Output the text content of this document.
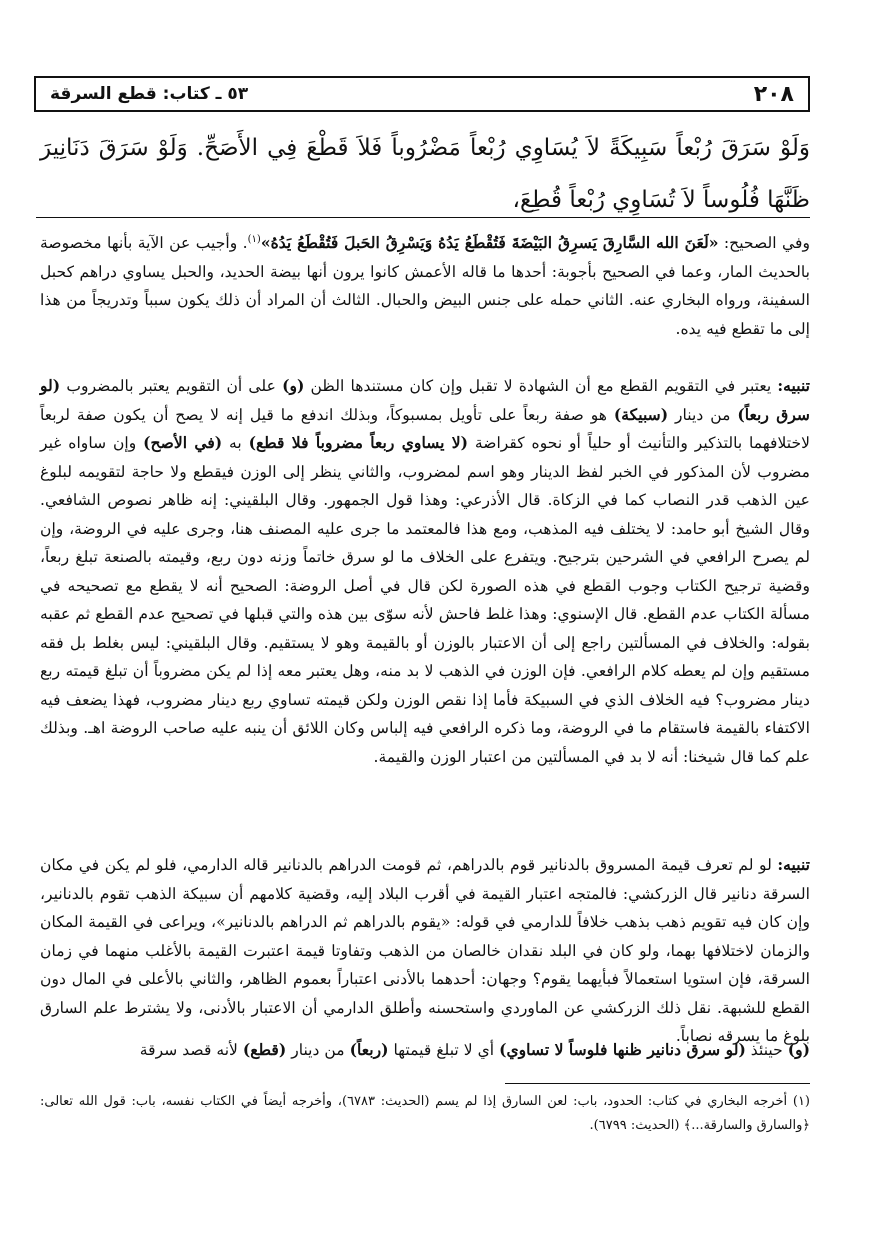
٢٠٨
٥٣ ـ كتاب: قطع السرقة
وَلَوْ سَرَقَ رُبْعاً سَبِيكَةً لاَ يُسَاوِي رُبْعاً مَضْرُوباً فَلاَ قَطْعَ فِي الأَصَحِّ. وَلَوْ سَرَقَ دَنَانِيرَ ظَنَّهَا فُلُوساً لاَ تُسَاوِي رُبْعاً قُطِعَ،
وفي الصحيح: «لَعَنَ الله السَّارِقَ يَسرِقُ البَيْضَةَ فَتُقْطَعُ يَدُهُ وَيَسْرِقُ الحَبلَ فَتُقْطَعُ يَدُهُ»$^{(١)}$. وأجيب عن الآية بأنها مخصوصة بالحديث المار، وعما في الصحيح بأجوبة: أحدها ما قاله الأعمش كانوا يرون أنها بيضة الحديد، والحبل يساوي دراهم كحبل السفينة، ورواه البخاري عنه. الثاني حمله على جنس البيض والحبال. الثالث أن المراد أن ذلك يكون سبباً وتدريجاً من هذا إلى ما تقطع فيه يده.
تنبيه: يعتبر في التقويم القطع مع أن الشهادة لا تقبل وإن كان مستندها الظن (و) على أن التقويم يعتبر بالمضروب (لو سرق ربعاً) من دينار (سبيكة) هو صفة ربعاً على تأويل بمسبوكاً، وبذلك اندفع ما قيل إنه لا يصح أن يكون صفة لربعاً لاختلافهما بالتذكير والتأنيث أو حلياً أو نحوه كقراضة (لا يساوي ربعاً مضروباً فلا قطع) به (في الأصح) وإن ساواه غير مضروب لأن المذكور في الخبر لفظ الدينار وهو اسم لمضروب، والثاني ينظر إلى الوزن فيقطع ولا حاجة لتقويمه لبلوغ عين الذهب قدر النصاب كما في الزكاة. قال الأذرعي: وهذا قول الجمهور. وقال البلقيني: إنه ظاهر نصوص الشافعي. وقال الشيخ أبو حامد: لا يختلف فيه المذهب، ومع هذا فالمعتمد ما جرى عليه المصنف هنا، وجرى عليه في الروضة، وإن لم يصرح الرافعي في الشرحين بترجيح. ويتفرع على الخلاف ما لو سرق خاتماً وزنه دون ربع، وقيمته بالصنعة تبلغ ربعاً، وقضية ترجيح الكتاب وجوب القطع في هذه الصورة لكن قال في أصل الروضة: الصحيح أنه لا يقطع مع تصحيحه في مسألة الكتاب عدم القطع. قال الإسنوي: وهذا غلط فاحش لأنه سوّى بين هذه والتي قبلها في تصحيح عدم القطع ثم عقبه بقوله: والخلاف في المسألتين راجع إلى أن الاعتبار بالوزن أو بالقيمة وهو لا يستقيم. وقال البلقيني: ليس بغلط بل فقه مستقيم وإن لم يعطه كلام الرافعي. فإن الوزن في الذهب لا بد منه، وهل يعتبر معه إذا لم يكن مضروباً أن تبلغ قيمته ربع دينار مضروب؟ فيه الخلاف الذي في السبيكة فأما إذا نقص الوزن ولكن قيمته تساوي ربع دينار مضروب، فهذا يضعف فيه الاكتفاء بالقيمة فاستقام ما في الروضة، وما ذكره الرافعي فيه إلباس وكان اللائق أن ينبه عليه صاحب الروضة اهـ. وبذلك علم كما قال شيخنا: أنه لا بد في المسألتين من اعتبار الوزن والقيمة.
تنبيه: لو لم تعرف قيمة المسروق بالدنانير قوم بالدراهم، ثم قومت الدراهم بالدنانير قاله الدارمي، فلو لم يكن في مكان السرقة دنانير قال الزركشي: فالمتجه اعتبار القيمة في أقرب البلاد إليه، وقضية كلامهم أن سبيكة الذهب تقوم بالدنانير، وإن كان فيه تقويم ذهب بذهب خلافاً للدارمي في قوله: «يقوم بالدراهم ثم الدراهم بالدنانير»، ويراعى في القيمة المكان والزمان لاختلافها بهما، ولو كان في البلد نقدان خالصان من الذهب وتفاوتا قيمة اعتبرت القيمة بالأغلب منهما في زمان السرقة، فإن استويا استعمالاً فبأيهما يقوم؟ وجهان: أحدهما بالأدنى اعتباراً بعموم الظاهر، والثاني بالأعلى في المال دون القطع للشبهة. نقل ذلك الزركشي عن الماوردي واستحسنه وأطلق الدارمي أن الاعتبار بالأدنى، ولا يشترط علم السارق بلوغ ما يسرقه نصاباً.
(و) حينئذ (لو سرق دنانير ظنها فلوساً لا تساوي) أي لا تبلغ قيمتها (ربعاً) من دينار (قطع) لأنه قصد سرقة
(١) أخرجه البخاري في كتاب: الحدود، باب: لعن السارق إذا لم يسم (الحديث: ٦٧٨٣)، وأخرجه أيضاً في الكتاب نفسه، باب: قول الله تعالى: ﴿والسارق والسارقة...﴾ (الحديث: ٦٧٩٩).
